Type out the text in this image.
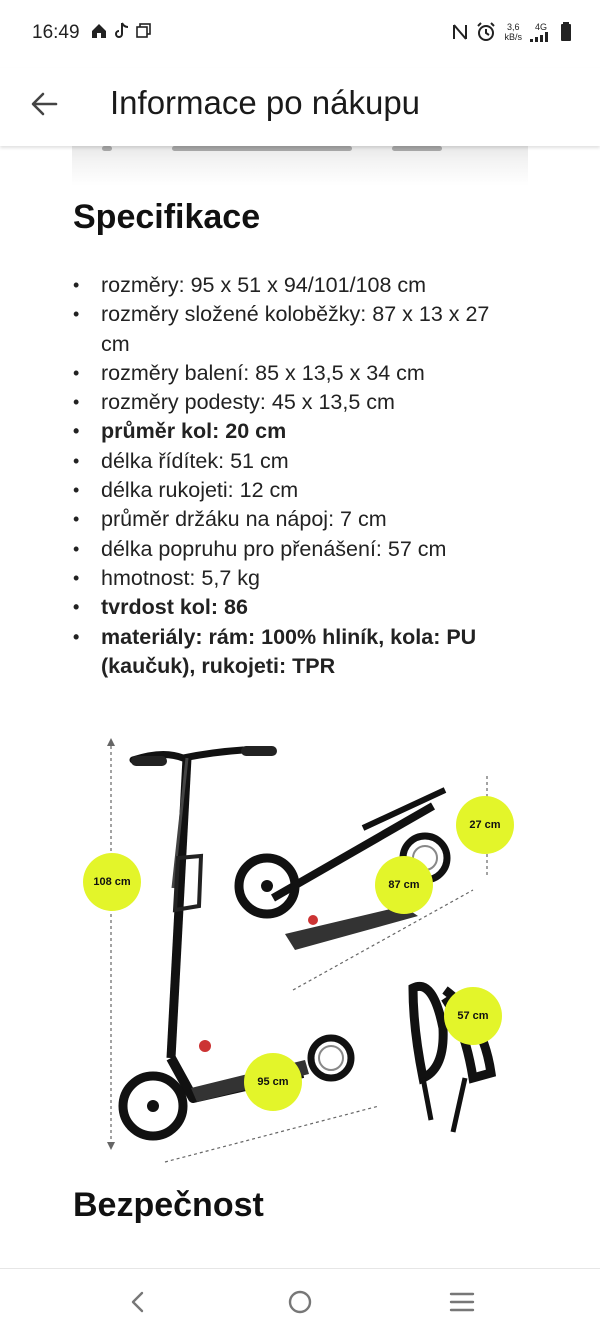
16:49	3,6
kB/s
4G
Informace po nákupu
Specifikace
• rozměry: 95 x 51 x 94/101/108 cm
• rozměry složené koloběžky: 87 x 13 x 27 cm
• rozměry balení: 85 x 13,5 x 34 cm
• rozměry podesty: 45 x 13,5 cm
• průměr kol: 20 cm
• délka řídítek: 51 cm
• délka rukojeti: 12 cm
• průměr držáku na nápoj: 7 cm
• délka popruhu pro přenášení: 57 cm
• hmotnost: 5,7 kg
• tvrdost kol: 86
• materiály: rám: 100% hliník, kola: PU (kaučuk), rukojeti: TPR
108 cm
95 cm
87 cm
27 cm
57 cm
Bezpečnost
